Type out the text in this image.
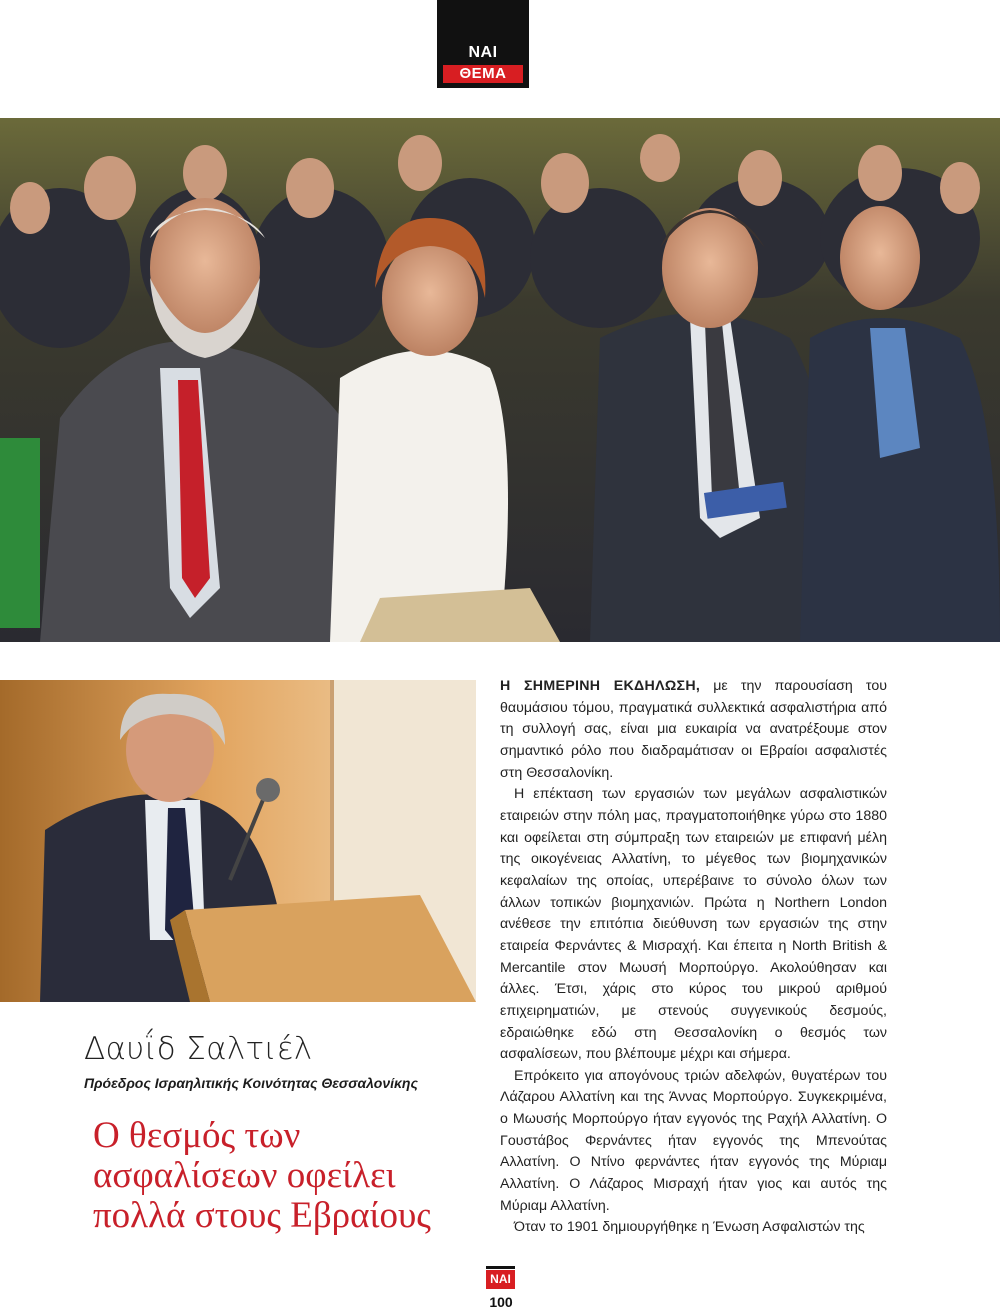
ΝΑΙ
ΘΕΜΑ
Δαυΐδ Σαλτιέλ
Πρόεδρος Ισραηλιτικής Κοινότητας Θεσσαλονίκης
Ο θεσμός των
ασφαλίσεων οφείλει
πολλά στους Εβραίους

Η ΣΗΜΕΡΙΝΗ ΕΚΔΗΛΩΣΗ, με την παρουσίαση του θαυμάσιου τόμου, πραγματικά συλλεκτικά ασφαλιστήρια από τη συλλογή σας, είναι μια ευκαιρία να ανατρέξουμε στον σημαντικό ρόλο που διαδραμάτισαν οι Εβραίοι ασφαλιστές στη Θεσσαλονίκη.

Η επέκταση των εργασιών των μεγάλων ασφαλιστικών εταιρειών στην πόλη μας, πραγματοποιήθηκε γύρω στο 1880 και οφείλεται στη σύμπραξη των εταιρειών με επιφανή μέλη της οικογένειας Αλλατίνη, το μέγεθος των βιομηχανικών κεφαλαίων της οποίας, υπερέβαινε το σύνολο όλων των άλλων τοπικών βιομηχανιών. Πρώτα η Northern London ανέθεσε την επιτόπια διεύθυνση των εργασιών της στην εταιρεία Φερνάντες & Μισραχή. Και έπειτα η North British & Mercantile στον Μωυσή Μορπούργο. Ακολούθησαν και άλλες. Έτσι, χάρις στο κύρος του μικρού αριθμού επιχειρηματιών, με στενούς συγγενικούς δεσμούς, εδραιώθηκε εδώ στη Θεσσαλονίκη ο θεσμός των ασφαλίσεων, που βλέπουμε μέχρι και σήμερα.

Επρόκειτο για απογόνους τριών αδελφών, θυγατέρων του Λάζαρου Αλλατίνη και της Άννας Μορπούργο. Συγκεκριμένα, ο Μωυσής Μορπούργο ήταν εγγονός της Ραχήλ Αλλατίνη. Ο Γουστάβος Φερνάντες ήταν εγγονός της Μπενούτας Αλλατίνη. Ο Ντίνο φερνάντες ήταν εγγονός της Μύριαμ Αλλατίνη. Ο Λάζαρος Μισραχή ήταν γιος και αυτός της Μύριαμ Αλλατίνη.

Όταν το 1901 δημιουργήθηκε η Ένωση Ασφαλιστών της

ΝΑΙ
100
